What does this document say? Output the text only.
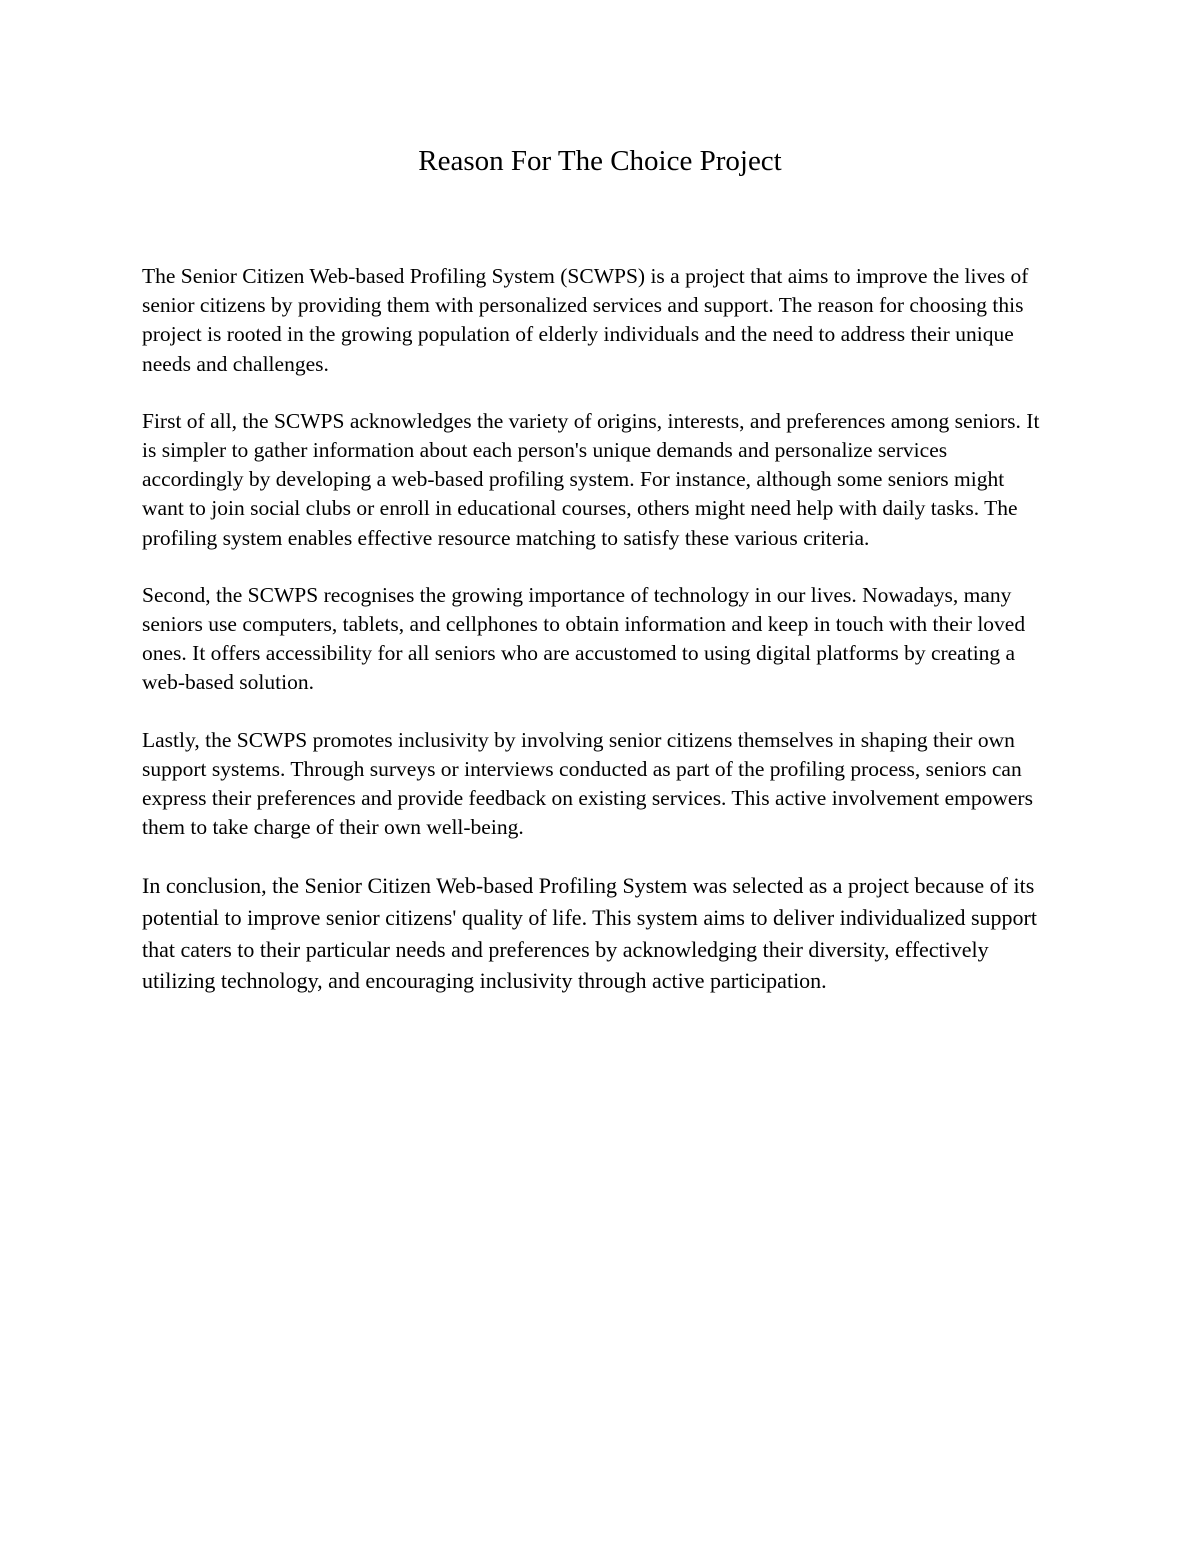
Reason For The Choice Project

The Senior Citizen Web-based Profiling System (SCWPS) is a project that aims to improve the lives of senior citizens by providing them with personalized services and support. The reason for choosing this project is rooted in the growing population of elderly individuals and the need to address their unique needs and challenges.

First of all, the SCWPS acknowledges the variety of origins, interests, and preferences among seniors. It is simpler to gather information about each person's unique demands and personalize services accordingly by developing a web-based profiling system. For instance, although some seniors might want to join social clubs or enroll in educational courses, others might need help with daily tasks. The profiling system enables effective resource matching to satisfy these various criteria.

Second, the SCWPS recognises the growing importance of technology in our lives. Nowadays, many seniors use computers, tablets, and cellphones to obtain information and keep in touch with their loved ones. It offers accessibility for all seniors who are accustomed to using digital platforms by creating a web-based solution.

Lastly, the SCWPS promotes inclusivity by involving senior citizens themselves in shaping their own support systems. Through surveys or interviews conducted as part of the profiling process, seniors can express their preferences and provide feedback on existing services. This active involvement empowers them to take charge of their own well-being.

In conclusion, the Senior Citizen Web-based Profiling System was selected as a project because of its potential to improve senior citizens' quality of life. This system aims to deliver individualized support that caters to their particular needs and preferences by acknowledging their diversity, effectively utilizing technology, and encouraging inclusivity through active participation.
